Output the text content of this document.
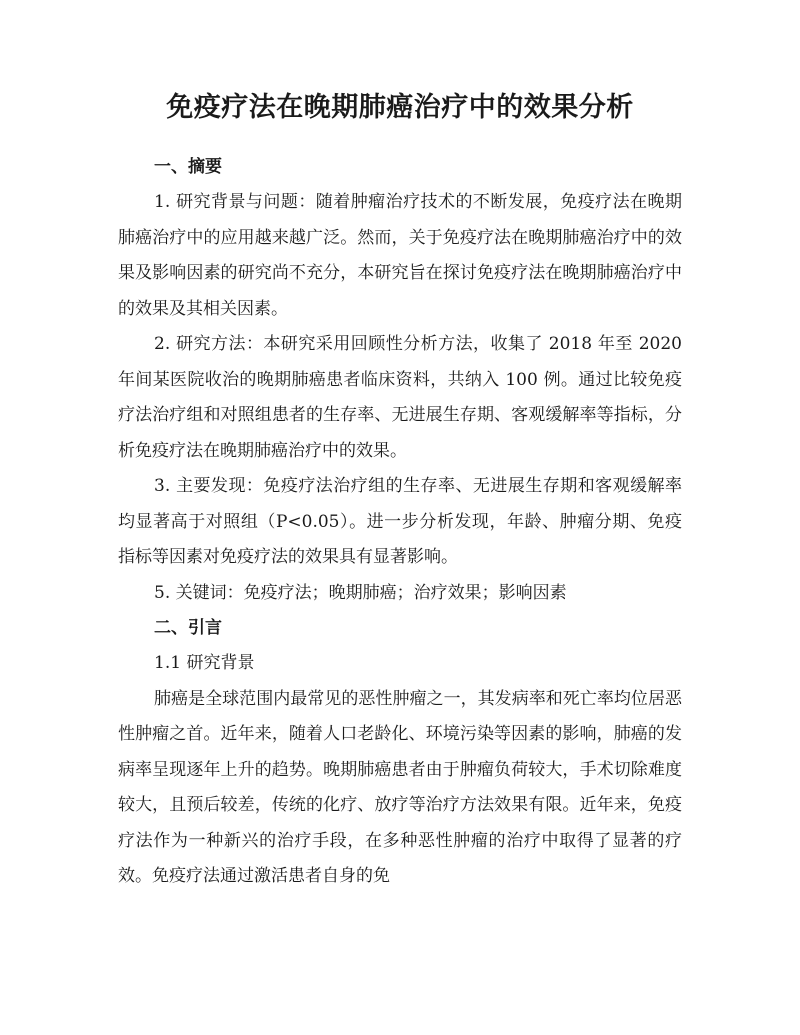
免疫疗法在晚期肺癌治疗中的效果分析

一、摘要

1. 研究背景与问题：随着肿瘤治疗技术的不断发展，免疫疗法在晚期肺癌治疗中的应用越来越广泛。然而，关于免疫疗法在晚期肺癌治疗中的效果及影响因素的研究尚不充分，本研究旨在探讨免疫疗法在晚期肺癌治疗中的效果及其相关因素。

2. 研究方法：本研究采用回顾性分析方法，收集了 2018 年至 2020 年间某医院收治的晚期肺癌患者临床资料，共纳入 100 例。通过比较免疫疗法治疗组和对照组患者的生存率、无进展生存期、客观缓解率等指标，分析免疫疗法在晚期肺癌治疗中的效果。

3. 主要发现：免疫疗法治疗组的生存率、无进展生存期和客观缓解率均显著高于对照组（P<0.05）。进一步分析发现，年龄、肿瘤分期、免疫指标等因素对免疫疗法的效果具有显著影响。

5. 关键词：免疫疗法；晚期肺癌；治疗效果；影响因素

二、引言

1.1 研究背景

肺癌是全球范围内最常见的恶性肿瘤之一，其发病率和死亡率均位居恶性肿瘤之首。近年来，随着人口老龄化、环境污染等因素的影响，肺癌的发病率呈现逐年上升的趋势。晚期肺癌患者由于肿瘤负荷较大，手术切除难度较大，且预后较差，传统的化疗、放疗等治疗方法效果有限。近年来，免疫疗法作为一种新兴的治疗手段，在多种恶性肿瘤的治疗中取得了显著的疗效。免疫疗法通过激活患者自身的免
